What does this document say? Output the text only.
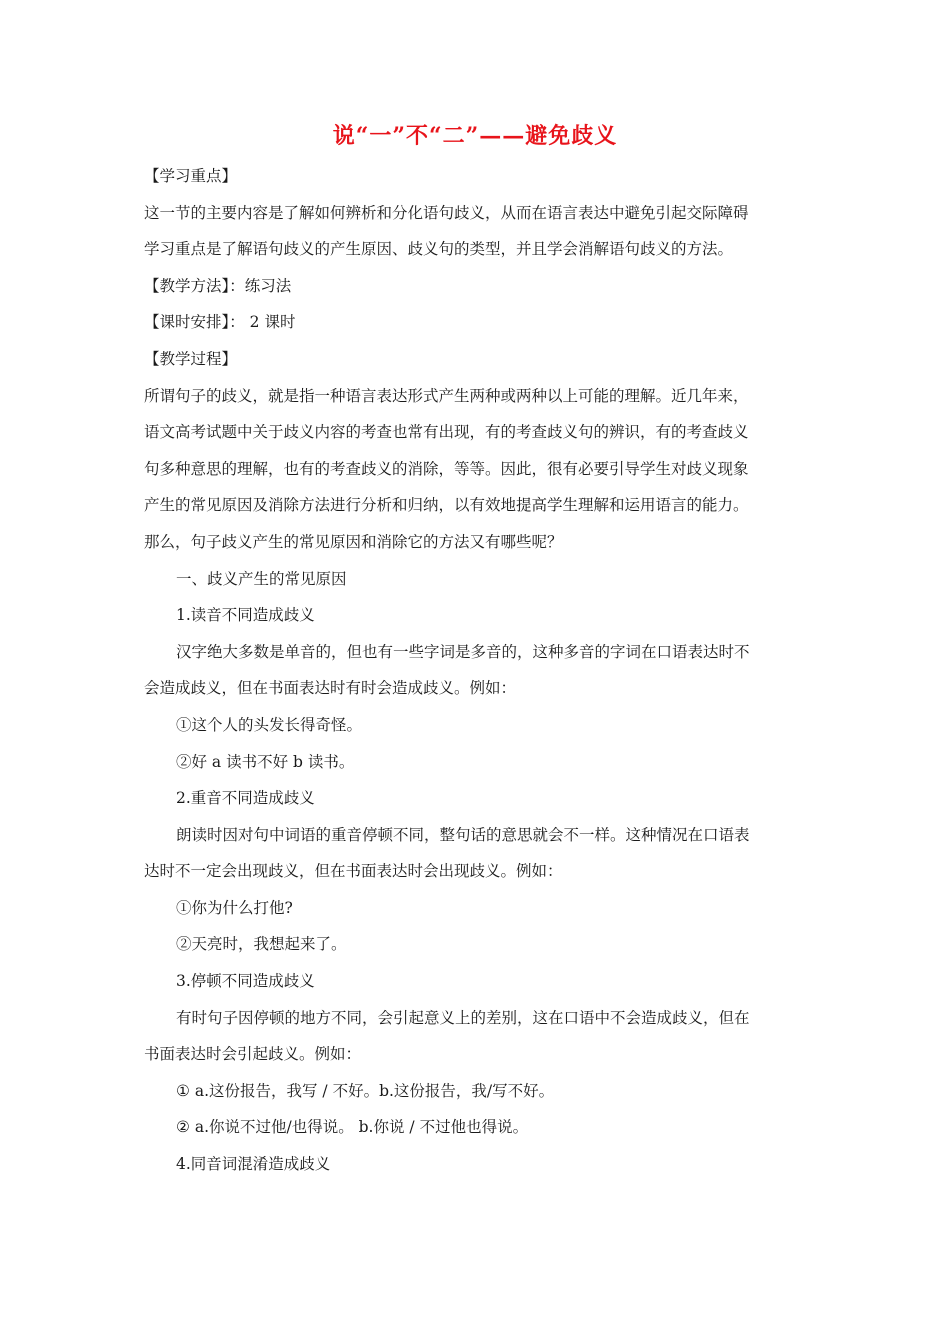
说“一”不“二”——避免歧义
【学习重点】
这一节的主要内容是了解如何辨析和分化语句歧义，从而在语言表达中避免引起交际障碍
学习重点是了解语句歧义的产生原因、歧义句的类型，并且学会消解语句歧义的方法。
【教学方法】：练习法
【课时安排】： 2 课时
【教学过程】
所谓句子的歧义，就是指一种语言表达形式产生两种或两种以上可能的理解。近几年来，
语文高考试题中关于歧义内容的考查也常有出现，有的考查歧义句的辨识，有的考查歧义
句多种意思的理解，也有的考查歧义的消除，等等。因此，很有必要引导学生对歧义现象
产生的常见原因及消除方法进行分析和归纳，以有效地提高学生理解和运用语言的能力。
那么，句子歧义产生的常见原因和消除它的方法又有哪些呢？
一、歧义产生的常见原因
1.读音不同造成歧义
汉字绝大多数是单音的，但也有一些字词是多音的，这种多音的字词在口语表达时不
会造成歧义，但在书面表达时有时会造成歧义。例如：
①这个人的头发长得奇怪。
②好 a 读书不好 b 读书。
2.重音不同造成歧义
朗读时因对句中词语的重音停顿不同，整句话的意思就会不一样。这种情况在口语表
达时不一定会出现歧义，但在书面表达时会出现歧义。例如：
①你为什么打他?
②天亮时，我想起来了。
3.停顿不同造成歧义
有时句子因停顿的地方不同，会引起意义上的差别，这在口语中不会造成歧义，但在
书面表达时会引起歧义。例如：
① a.这份报告，我写 / 不好。b.这份报告，我/写不好。
② a.你说不过他/也得说。 b.你说 / 不过他也得说。
4.同音词混淆造成歧义
